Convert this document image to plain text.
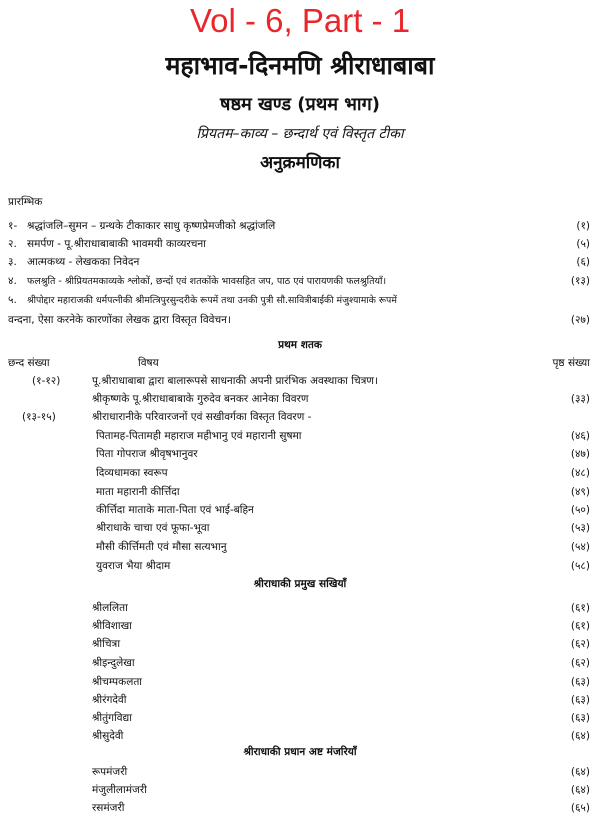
Vol - 6, Part - 1
महाभाव-दिनमणि श्रीराधाबाबा
षष्ठम खण्ड (प्रथम भाग)
प्रियतम–काव्य – छन्दार्थ एवं विस्तृत टीका
अनुक्रमणिका
प्रारम्भिक
१- श्रद्धांजलि–सुमन – ग्रन्थके टीकाकार साधु कृष्णप्रेमजीको श्रद्धांजलि	(१)
२. समर्पण - पू.श्रीराधाबाबाकी भावमयी काव्यरचना	(५)
३. आत्मकथ्य - लेखकका निवेदन	(६)
४. फलश्रुति - श्रीप्रियतमकाव्यके श्लोकों, छन्दों एवं शतकोंके भावसहित जप, पाठ एवं पारायणकी फलश्रुतियाँ।	(१३)
५. श्रीपोद्दार महाराजकी धर्मपत्नीकी श्रीमत्त्रिपुरसुन्दरीके रूपमें तथा उनकी पुत्री सौ.सावित्रीबाईकी मंजुश्यामाके रूपमें
वन्दना, ऐसा करनेके कारणोंका लेखक द्वारा विस्तृत विवेचन।	(२७)
प्रथम शतक
छन्द संख्या	विषय	पृष्ठ संख्या
(१-१२)	पू.श्रीराधाबाबा द्वारा बालारूपसे साधनाकी अपनी प्रारंभिक अवस्थाका चित्रण।
श्रीकृष्णके पू.श्रीराधाबाबाके गुरुदेव बनकर आनेका विवरण	(३३)
(१३-१५)	श्रीराधारानीके परिवारजनों एवं सखीवर्गका विस्तृत विवरण -
पितामह-पितामही महाराज महीभानु एवं महारानी सुषमा	(४६)
पिता गोपराज श्रीवृषभानुवर	(४७)
दिव्यधामका स्वरूप	(४८)
माता महारानी कीर्त्तिदा	(४९)
कीर्त्तिदा माताके माता-पिता एवं भाई-बहिन	(५०)
श्रीराधाके चाचा एवं फूफा-भूवा	(५३)
मौसी कीर्त्तिमती एवं मौसा सत्यभानु	(५४)
युवराज भैया श्रीदाम	(५८)
श्रीराधाकी प्रमुख सखियाँ
श्रीललिता	(६१)
श्रीविशाखा	(६१)
श्रीचित्रा	(६२)
श्रीइन्दुलेखा	(६२)
श्रीचम्पकलता	(६३)
श्रीरंगदेवी	(६३)
श्रीतुंगविद्या	(६३)
श्रीसुदेवी	(६४)
श्रीराधाकी प्रधान अष्ट मंजरियाँ
रूपमंजरी	(६४)
मंजुलीलामंजरी	(६४)
रसमंजरी	(६५)
